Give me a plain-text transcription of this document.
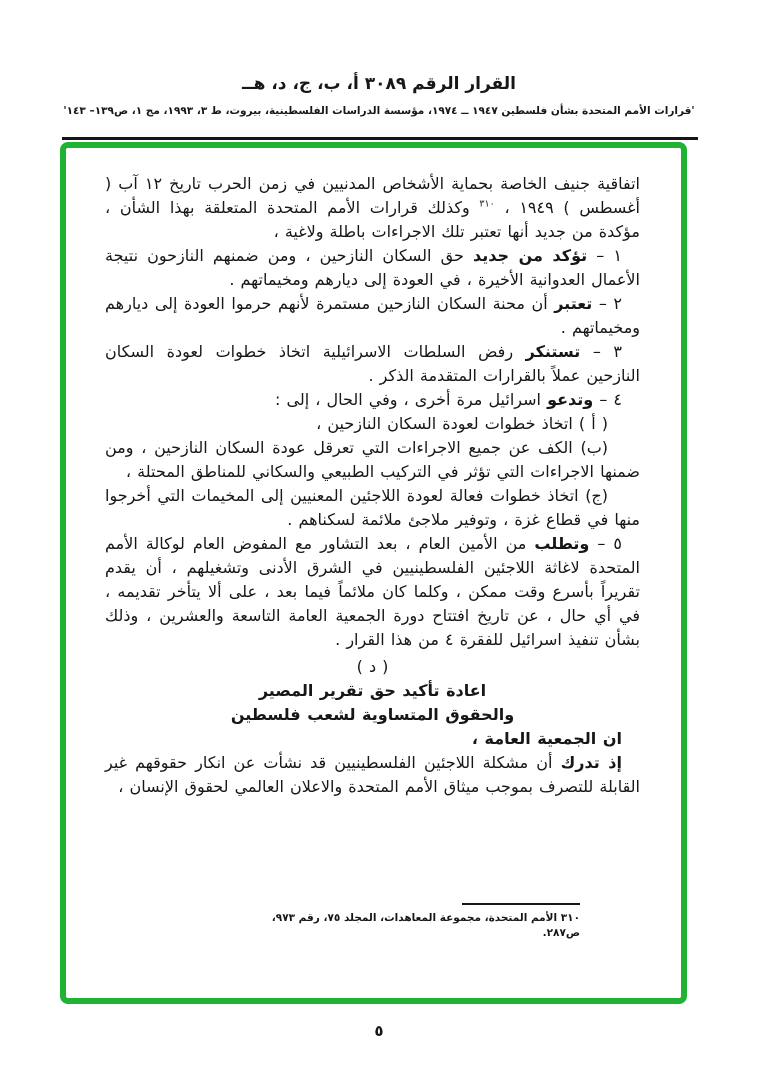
القرار الرقم ٣٠٨٩ أ، ب، ج، د، هــ
'قرارات الأمم المتحدة بشأن فلسطين ١٩٤٧ ــ ١٩٧٤، مؤسسة الدراسات الفلسطينية، بيروت، ط ٣، ١٩٩٣، مج ١، ص١٣٩– ١٤٣'

اتفاقية جنيف الخاصة بحماية الأشخاص المدنيين في زمن الحرب تاريخ ١٢ آب ( أغسطس ) ١٩٤٩ ، $^{٣١٠}$ وكذلك قرارات الأمم المتحدة المتعلقة بهذا الشأن ، مؤكدة من جديد أنها تعتبر تلك الاجراءات باطلة ولاغية ،

١ – تؤكد من جديد حق السكان النازحين ، ومن ضمنهم النازحون نتيجة الأعمال العدوانية الأخيرة ، في العودة إلى ديارهم ومخيماتهم .

٢ – تعتبر أن محنة السكان النازحين مستمرة لأنهم حرموا العودة إلى ديارهم ومخيماتهم .

٣ – تستنكر رفض السلطات الاسرائيلية اتخاذ خطوات لعودة السكان النازحين عملاً بالقرارات المتقدمة الذكر .

٤ – وتدعو اسرائيل مرة أخرى ، وفي الحال ، إلى :

( أ ) اتخاذ خطوات لعودة السكان النازحين ،

(ب) الكف عن جميع الاجراءات التي تعرقل عودة السكان النازحين ، ومن ضمنها الاجراءات التي تؤثر في التركيب الطبيعي والسكاني للمناطق المحتلة ،

(ج) اتخاذ خطوات فعالة لعودة اللاجئين المعنيين إلى المخيمات التي أخرجوا منها في قطاع غزة ، وتوفير ملاجئ ملائمة لسكناهم .

٥ – وتطلب من الأمين العام ، بعد التشاور مع المفوض العام لوكالة الأمم المتحدة لاغاثة اللاجئين الفلسطينيين في الشرق الأدنى وتشغيلهم ، أن يقدم تقريراً بأسرع وقت ممكن ، وكلما كان ملائماً فيما بعد ، على ألا يتأخر تقديمه ، في أي حال ، عن تاريخ افتتاح دورة الجمعية العامة التاسعة والعشرين ، وذلك بشأن تنفيذ اسرائيل للفقرة ٤ من هذا القرار .

( د )

اعادة تأكيد حق تقرير المصير

والحقوق المتساوية لشعب فلسطين

ان الجمعية العامة ،

إذ تدرك أن مشكلة اللاجئين الفلسطينيين قد نشأت عن انكار حقوقهم غير القابلة للتصرف بموجب ميثاق الأمم المتحدة والاعلان العالمي لحقوق الإنسان ،

٣١٠ الأمم المتحدة، مجموعة المعاهدات، المجلد ٧٥، رقم ٩٧٣، ص٢٨٧.
٥
